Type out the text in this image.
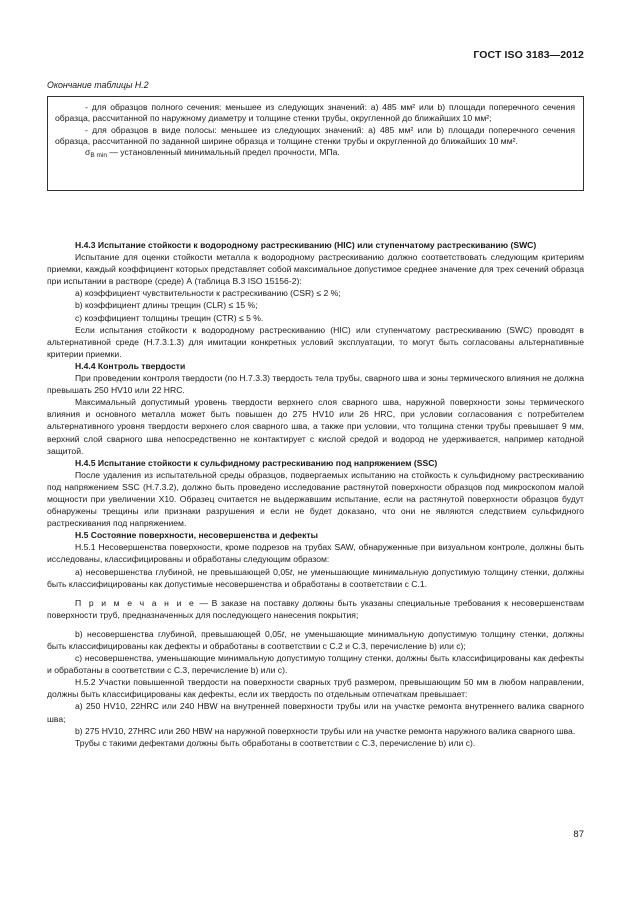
ГОСТ ISO 3183—2012
Окончание таблицы Н.2

- для образцов полного сечения: меньшее из следующих значений: а) 485 мм² или b) площади поперечного сечения образца, рассчитанной по наружному диаметру и толщине стенки трубы, округленной до ближайших 10 мм²;

- для образцов в виде полосы: меньшее из следующих значений: а) 485 мм² или b) площади поперечного сечения образца, рассчитанной по заданной ширине образца и толщине стенки трубы и округленной до ближайших 10 мм².

$\sigma_{B min}$ — установленный минимальный предел прочности, МПа.

Н.4.3 Испытание стойкости к водородному растрескиванию (HIC) или ступенчатому растрескиванию (SWC)

Испытание для оценки стойкости металла к водородному растрескиванию должно соответствовать следующим критериям приемки, каждый коэффициент которых представляет собой максимальное допустимое среднее значение для трех сечений образца при испытании в растворе (среде) А (таблица В.3 ISO 15156-2):

а) коэффициент чувствительности к растрескиванию (CSR) ≤ 2 %;

b) коэффициент длины трещин (CLR) ≤ 15 %;

с) коэффициент толщины трещин (CTR) ≤ 5 %.

Если испытания стойкости к водородному растрескиванию (HIC) или ступенчатому растрескиванию (SWC) проводят в альтернативной среде (Н.7.3.1.3) для имитации конкретных условий эксплуатации, то могут быть согласованы альтернативные критерии приемки.

Н.4.4 Контроль твердости

При проведении контроля твердости (по Н.7.3.3) твердость тела трубы, сварного шва и зоны термического влияния не должна превышать 250 HV10 или 22 HRC.

Максимальный допустимый уровень твердости верхнего слоя сварного шва, наружной поверхности зоны термического влияния и основного металла может быть повышен до 275 HV10 или 26 HRC, при условии согласования с потребителем альтернативного уровня твердости верхнего слоя сварного шва, а также при условии, что толщина стенки трубы превышает 9 мм, верхний слой сварного шва непосредственно не контактирует с кислой средой и водород не удерживается, например катодной защитой.

Н.4.5 Испытание стойкости к сульфидному растрескиванию под напряжением (SSC)

После удаления из испытательной среды образцов, подвергаемых испытанию на стойкость к сульфидному растрескиванию под напряжением SSC (Н.7.3.2), должно быть проведено исследование растянутой поверхности образцов под микроскопом малой мощности при увеличении Х10. Образец считается не выдержавшим испытание, если на растянутой поверхности образцов будут обнаружены трещины или признаки разрушения и если не будет доказано, что они не являются следствием сульфидного растрескивания под напряжением.

Н.5 Состояние поверхности, несовершенства и дефекты

Н.5.1 Несовершенства поверхности, кроме подрезов на трубах SAW, обнаруженные при визуальном контроле, должны быть исследованы, классифицированы и обработаны следующим образом:

а) несовершенства глубиной, не превышающей 0,05t, не уменьшающие минимальную допустимую толщину стенки, должны быть классифицированы как допустимые несовершенства и обработаны в соответствии с С.1.

П р и м е ч а н и е — В заказе на поставку должны быть указаны специальные требования к несовершенствам поверхности труб, предназначенных для последующего нанесения покрытия;

b) несовершенства глубиной, превышающей 0,05t, не уменьшающие минимальную допустимую толщину стенки, должны быть классифицированы как дефекты и обработаны в соответствии с С.2 и С.3, перечисление b) или с);

с) несовершенства, уменьшающие минимальную допустимую толщину стенки, должны быть классифицированы как дефекты и обработаны в соответствии с С.3, перечисление b) или с).

Н.5.2 Участки повышенной твердости на поверхности сварных труб размером, превышающим 50 мм в любом направлении, должны быть классифицированы как дефекты, если их твердость по отдельным отпечаткам превышает:

а) 250 HV10, 22HRC или 240 HBW на внутренней поверхности трубы или на участке ремонта внутреннего валика сварного шва;

b) 275 HV10, 27HRC или 260 HBW на наружной поверхности трубы или на участке ремонта наружного валика сварного шва.

Трубы с такими дефектами должны быть обработаны в соответствии с С.3, перечисление b) или с).

87
